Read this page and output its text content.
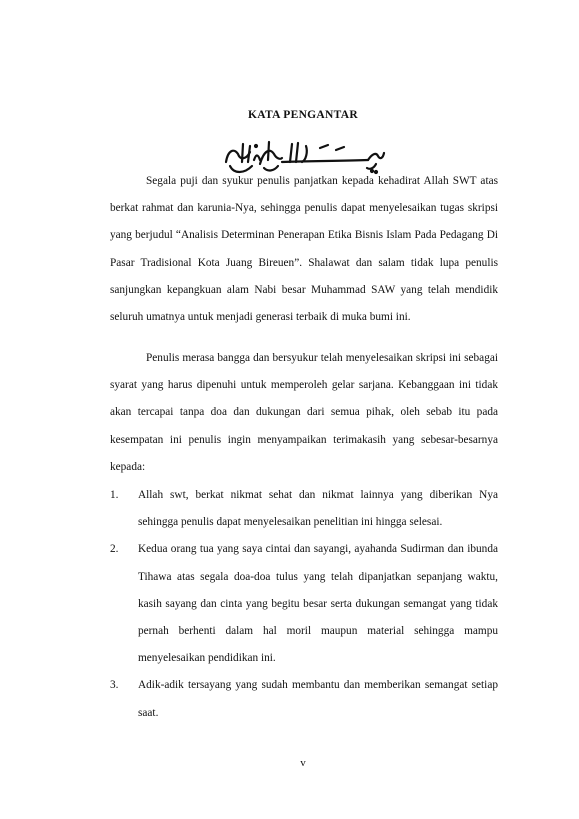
KATA PENGANTAR

Segala puji dan syukur penulis panjatkan kepada kehadirat Allah SWT atas berkat rahmat dan karunia-Nya, sehingga penulis dapat menyelesaikan tugas skripsi yang berjudul “Analisis Determinan Penerapan Etika Bisnis Islam Pada Pedagang Di Pasar Tradisional Kota Juang Bireuen”. Shalawat dan salam tidak lupa penulis sanjungkan kepangkuan alam Nabi besar Muhammad SAW yang telah mendidik seluruh umatnya untuk menjadi generasi terbaik di muka bumi ini.

Penulis merasa bangga dan bersyukur telah menyelesaikan skripsi ini sebagai syarat yang harus dipenuhi untuk memperoleh gelar sarjana. Kebanggaan ini tidak akan tercapai tanpa doa dan dukungan dari semua pihak, oleh sebab itu pada kesempatan ini penulis ingin menyampaikan terimakasih yang sebesar-besarnya kepada:

1. Allah swt, berkat nikmat sehat dan nikmat lainnya yang diberikan Nya sehingga penulis dapat menyelesaikan penelitian ini hingga selesai.
2. Kedua orang tua yang saya cintai dan sayangi, ayahanda Sudirman dan ibunda Tihawa atas segala doa-doa tulus yang telah dipanjatkan sepanjang waktu, kasih sayang dan cinta yang begitu besar serta dukungan semangat yang tidak pernah berhenti dalam hal moril maupun material sehingga mampu menyelesaikan pendidikan ini.
3. Adik-adik tersayang yang sudah membantu dan memberikan semangat setiap saat.
v
